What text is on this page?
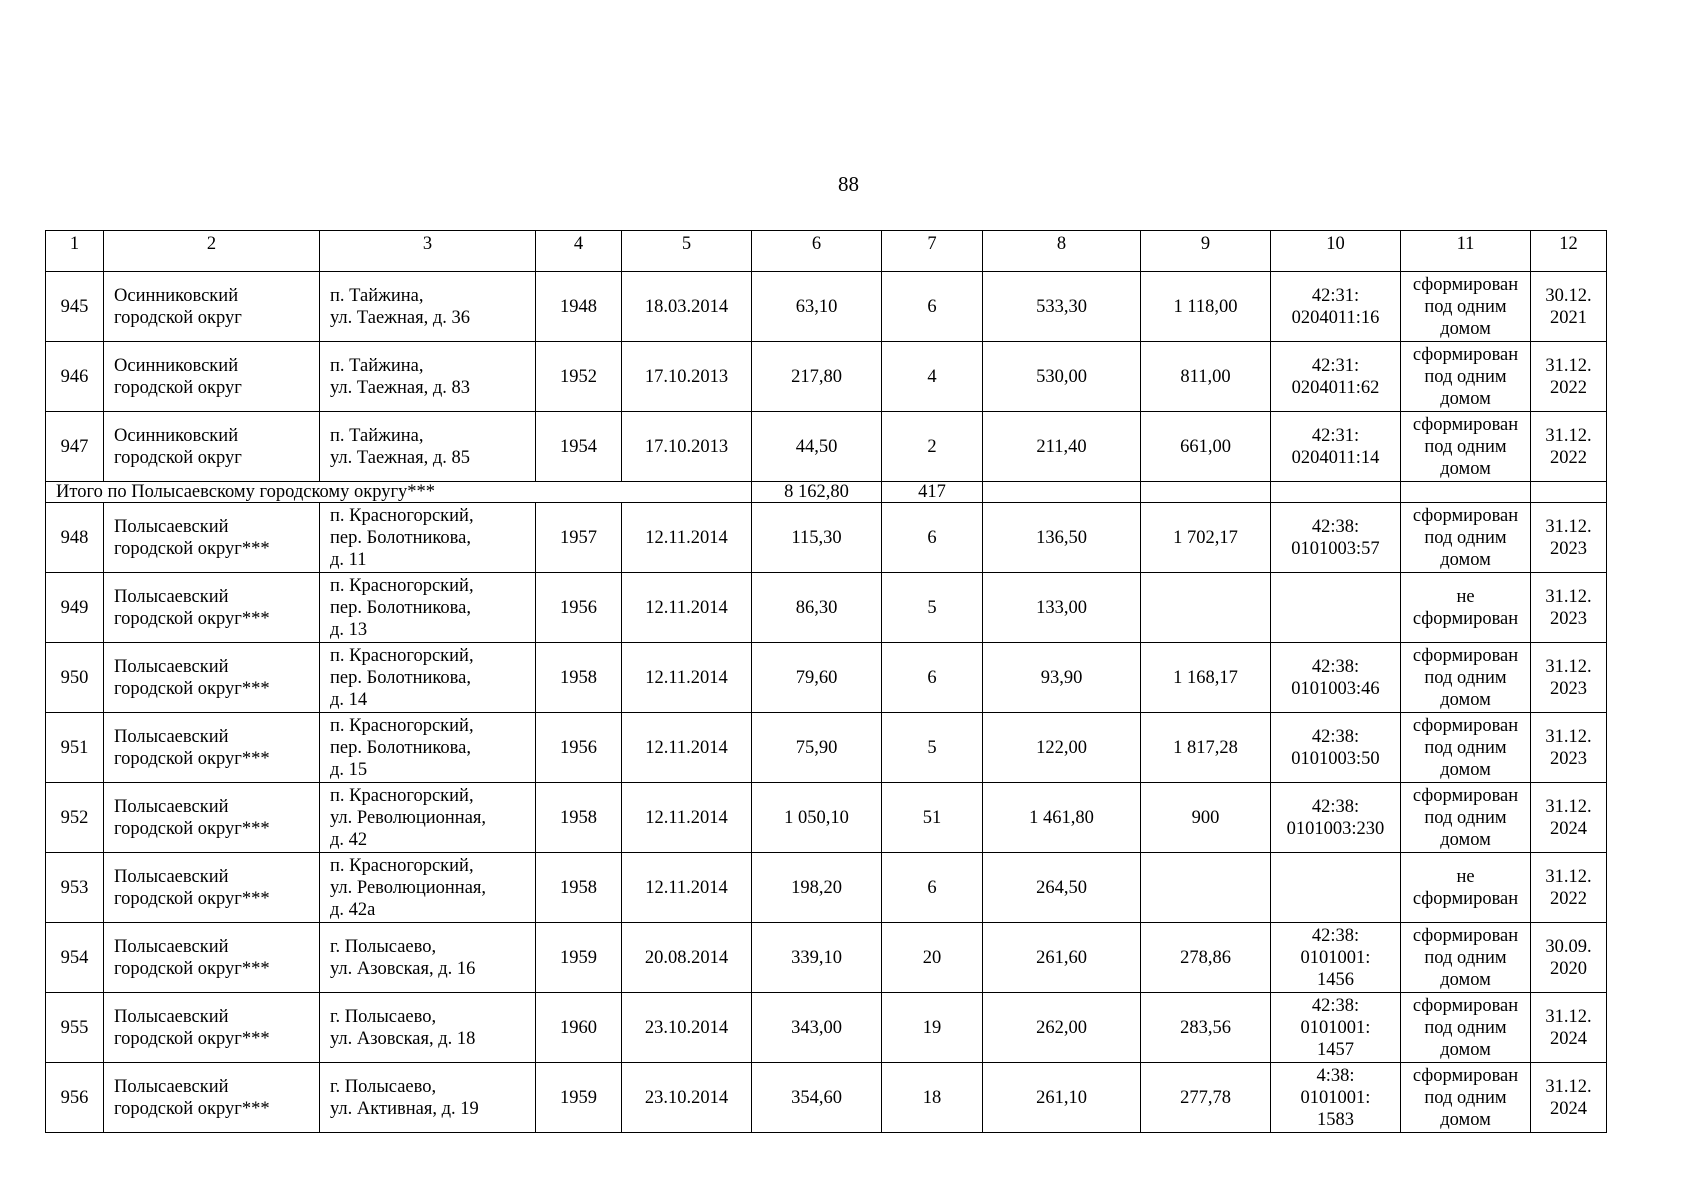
88
1	2	3	4	5	6	7	8	9	10	11	12
945	Осинниковский
городской округ	п. Тайжина,
ул. Таежная, д. 36	1948	18.03.2014	63,10	6	533,30	1 118,00	42:31:
0204011:16	сформирован
под одним
домом	30.12.
2021

946	Осинниковский
городской округ	п. Тайжина,
ул. Таежная, д. 83	1952	17.10.2013	217,80	4	530,00	811,00	42:31:
0204011:62	сформирован
под одним
домом	31.12.
2022

947	Осинниковский
городской округ	п. Тайжина,
ул. Таежная, д. 85	1954	17.10.2013	44,50	2	211,40	661,00	42:31:
0204011:14	сформирован
под одним
домом	31.12.
2022

Итого по Полысаевскому городскому округу***					8 162,80	417					
948	Полысаевский
городской округ***	п. Красногорский,
пер. Болотникова,
д. 11	1957	12.11.2014	115,30	6	136,50	1 702,17	42:38:
0101003:57	сформирован
под одним
домом	31.12.
2023

949	Полысаевский
городской округ***	п. Красногорский,
пер. Болотникова,
д. 13	1956	12.11.2014	86,30	5	133,00			не
сформирован	31.12.
2023

950	Полысаевский
городской округ***	п. Красногорский,
пер. Болотникова,
д. 14	1958	12.11.2014	79,60	6	93,90	1 168,17	42:38:
0101003:46	сформирован
под одним
домом	31.12.
2023

951	Полысаевский
городской округ***	п. Красногорский,
пер. Болотникова,
д. 15	1956	12.11.2014	75,90	5	122,00	1 817,28	42:38:
0101003:50	сформирован
под одним
домом	31.12.
2023

952	Полысаевский
городской округ***	п. Красногорский,
ул. Революционная,
д. 42	1958	12.11.2014	1 050,10	51	1 461,80	900	42:38:
0101003:230	сформирован
под одним
домом	31.12.
2024

953	Полысаевский
городской округ***	п. Красногорский,
ул. Революционная,
д. 42а	1958	12.11.2014	198,20	6	264,50			не
сформирован	31.12.
2022

954	Полысаевский
городской округ***	г. Полысаево,
ул. Азовская, д. 16	1959	20.08.2014	339,10	20	261,60	278,86	42:38:
0101001:
1456	сформирован
под одним
домом	30.09.
2020

955	Полысаевский
городской округ***	г. Полысаево,
ул. Азовская, д. 18	1960	23.10.2014	343,00	19	262,00	283,56	42:38:
0101001:
1457	сформирован
под одним
домом	31.12.
2024

956	Полысаевский
городской округ***	г. Полысаево,
ул. Активная, д. 19	1959	23.10.2014	354,60	18	261,10	277,78	4:38:
0101001:
1583	сформирован
под одним
домом	31.12.
2024
